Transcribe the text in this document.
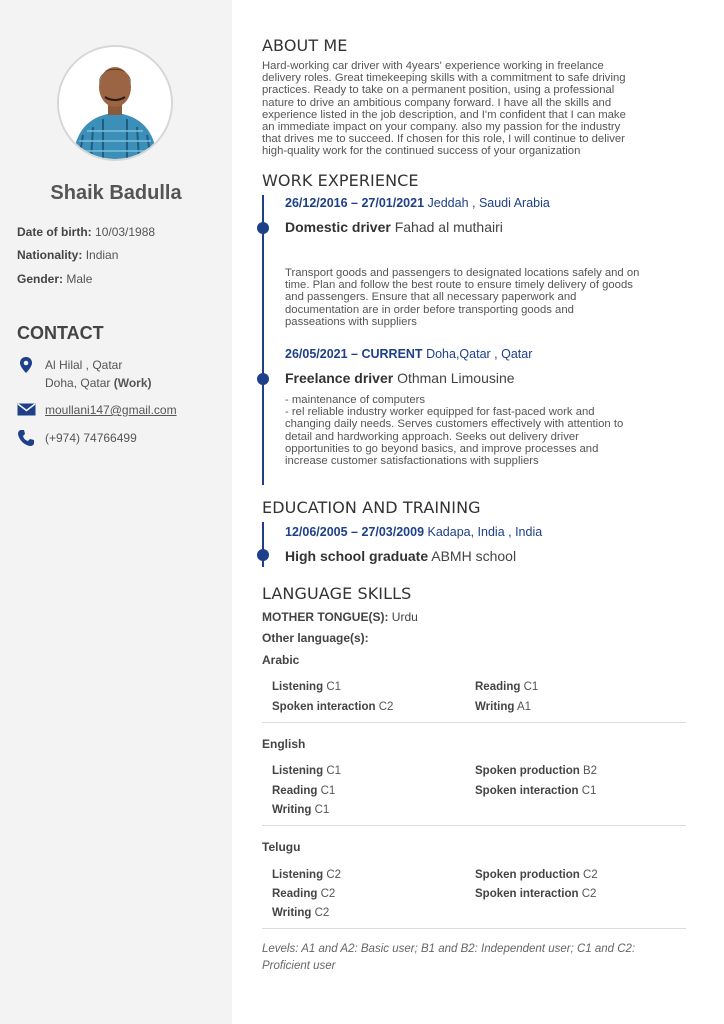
Shaik Badulla
Date of birth: 10/03/1988
Nationality: Indian
Gender: Male
CONTACT
Al Hilal , Qatar
Doha, Qatar (Work)
moullani147@gmail.com
(+974) 74766499
ABOUT ME
Hard-working car driver with 4years' experience working in freelance
delivery roles. Great timekeeping skills with a commitment to safe driving
practices. Ready to take on a permanent position, using a professional
nature to drive an ambitious company forward. I have all the skills and
experience listed in the job description, and I'm confident that I can make
an immediate impact on your company. also my passion for the industry
that drives me to succeed. If chosen for this role, I will continue to deliver
high-quality work for the continued success of your organization
WORK EXPERIENCE
26/12/2016 – 27/01/2021 Jeddah , Saudi Arabia
Domestic driver Fahad al muthairi
Transport goods and passengers to designated locations safely and on
time. Plan and follow the best route to ensure timely delivery of goods
and passengers. Ensure that all necessary paperwork and
documentation are in order before transporting goods and
passeations with suppliers
26/05/2021 – CURRENT Doha,Qatar , Qatar
Freelance driver Othman Limousine
- maintenance of computers
- rel reliable industry worker equipped for fast-paced work and
changing daily needs. Serves customers effectively with attention to
detail and hardworking approach. Seeks out delivery driver
opportunities to go beyond basics, and improve processes and
increase customer satisfactionations with suppliers
EDUCATION AND TRAINING
12/06/2005 – 27/03/2009 Kadapa, India , India
High school graduate ABMH school
LANGUAGE SKILLS
MOTHER TONGUE(S): Urdu
Other language(s):
Arabic
Listening C1
Spoken interaction C2
Reading C1
Writing A1
English
Listening C1
Reading C1
Writing C1
Spoken production B2
Spoken interaction C1
Telugu
Listening C2
Reading C2
Writing C2
Spoken production C2
Spoken interaction C2
Levels: A1 and A2: Basic user; B1 and B2: Independent user; C1 and C2: Proficient user
